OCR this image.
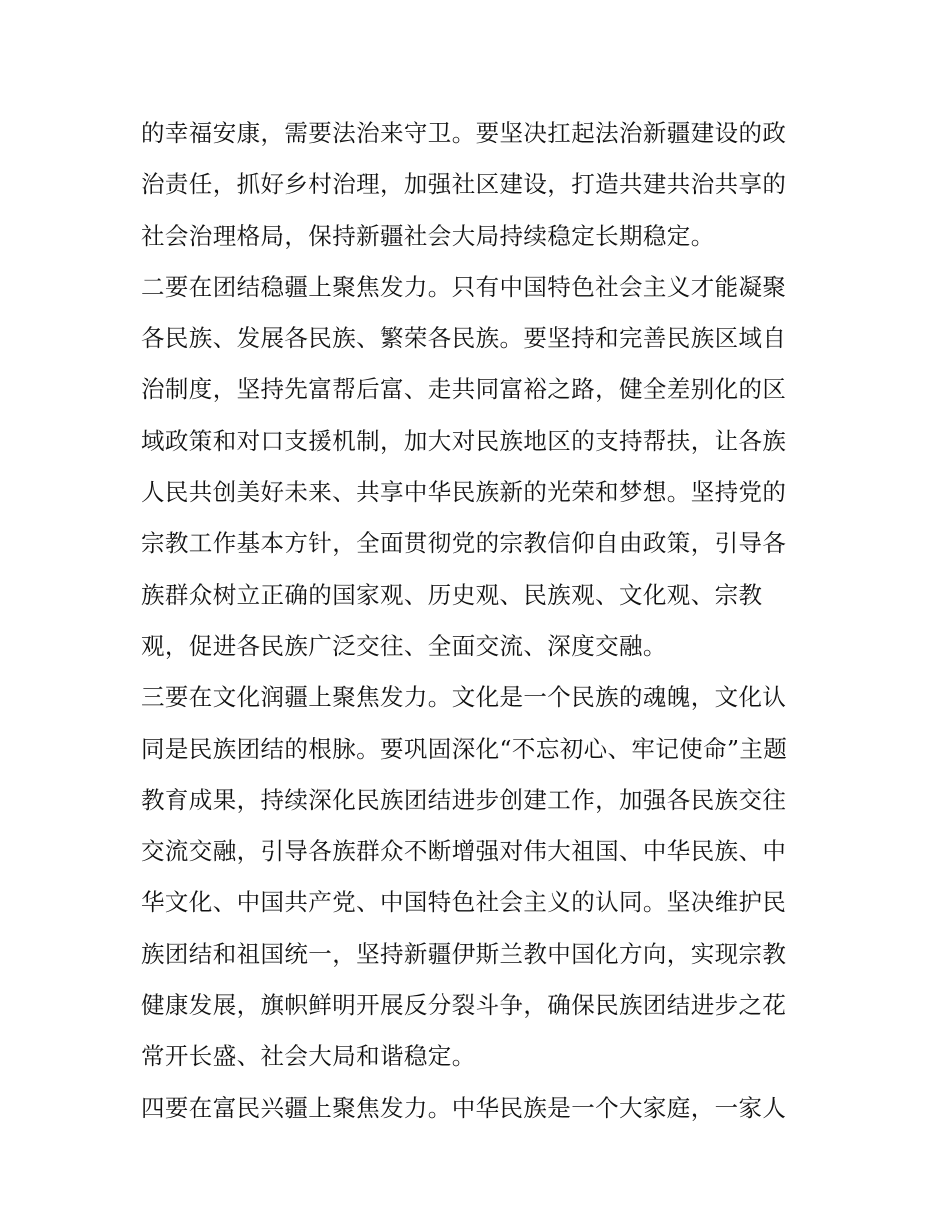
的幸福安康，需要法治来守卫。要坚决扛起法治新疆建设的政
治责任，抓好乡村治理，加强社区建设，打造共建共治共享的
社会治理格局，保持新疆社会大局持续稳定长期稳定。

二要在团结稳疆上聚焦发力。只有中国特色社会主义才能凝聚
各民族、发展各民族、繁荣各民族。要坚持和完善民族区域自
治制度，坚持先富帮后富、走共同富裕之路，健全差别化的区
域政策和对口支援机制，加大对民族地区的支持帮扶，让各族
人民共创美好未来、共享中华民族新的光荣和梦想。坚持党的
宗教工作基本方针，全面贯彻党的宗教信仰自由政策，引导各
族群众树立正确的国家观、历史观、民族观、文化观、宗教
观，促进各民族广泛交往、全面交流、深度交融。

三要在文化润疆上聚焦发力。文化是一个民族的魂魄，文化认
同是民族团结的根脉。要巩固深化“不忘初心、牢记使命”主题
教育成果，持续深化民族团结进步创建工作，加强各民族交往
交流交融，引导各族群众不断增强对伟大祖国、中华民族、中
华文化、中国共产党、中国特色社会主义的认同。坚决维护民
族团结和祖国统一，坚持新疆伊斯兰教中国化方向，实现宗教
健康发展，旗帜鲜明开展反分裂斗争，确保民族团结进步之花
常开长盛、社会大局和谐稳定。

四要在富民兴疆上聚焦发力。中华民族是一个大家庭，一家人
